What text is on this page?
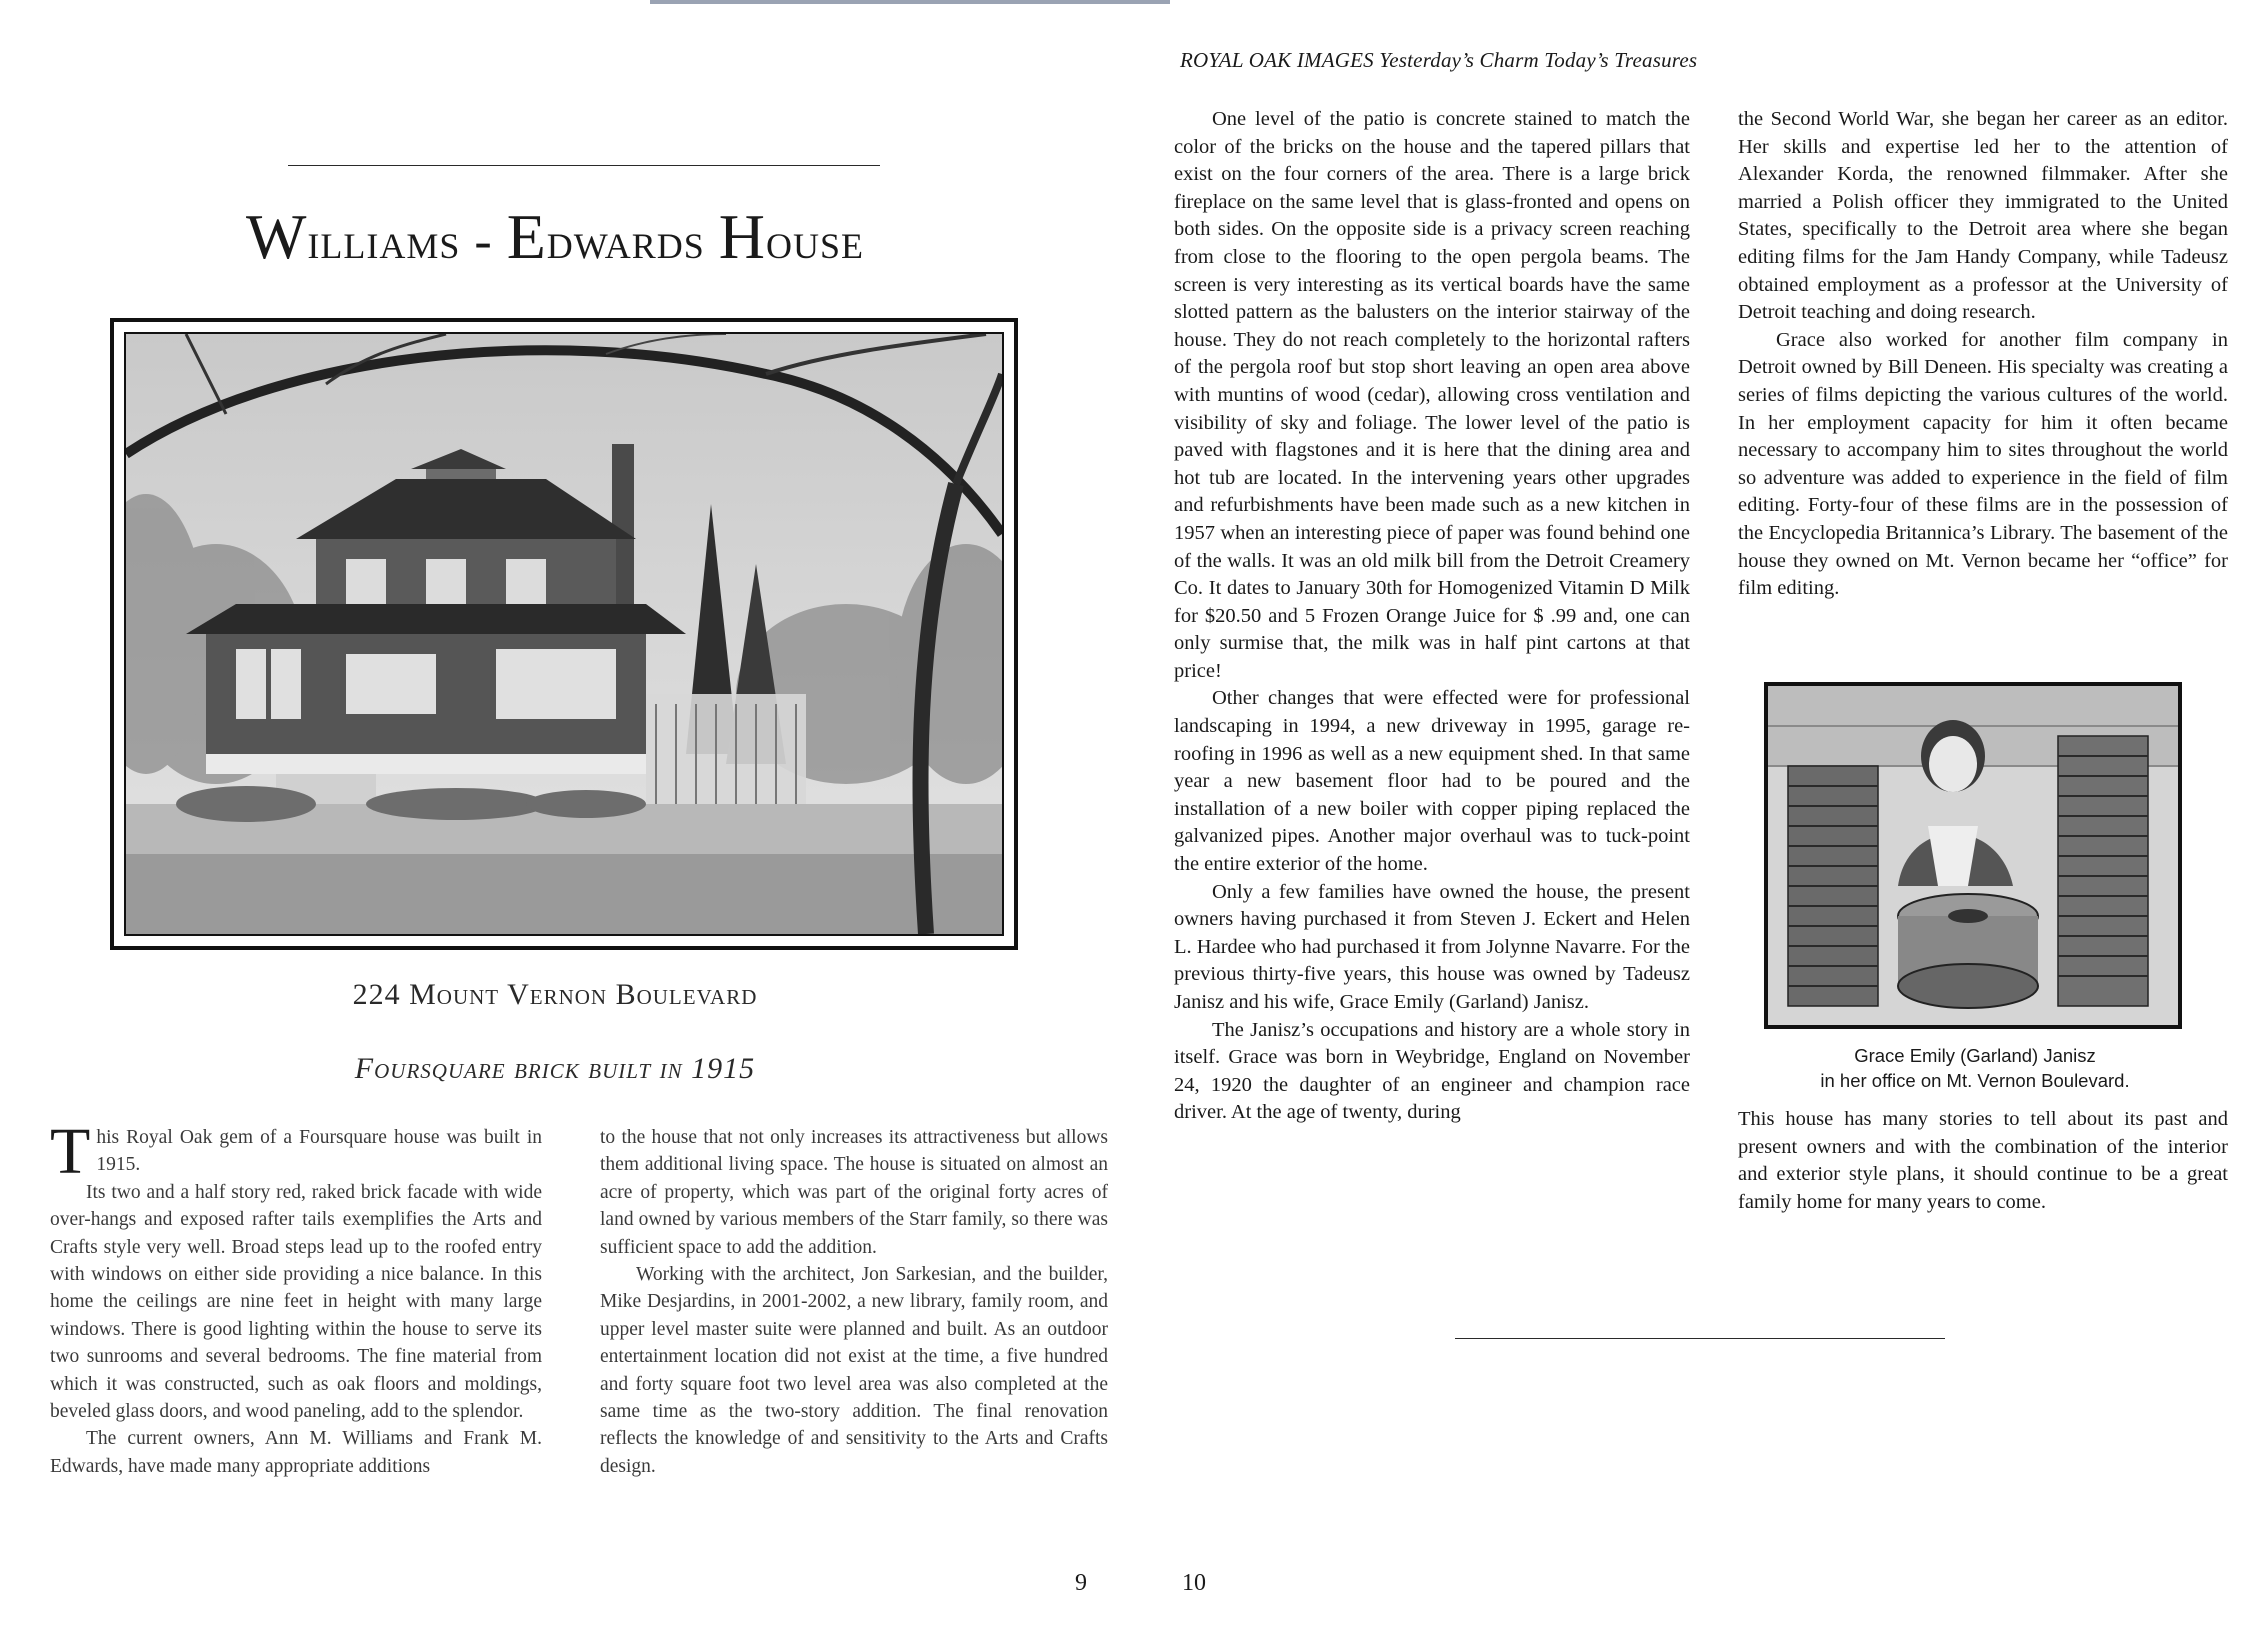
Williams - Edwards House
224 Mount Vernon Boulevard
Foursquare brick built in 1915

This Royal Oak gem of a Foursquare house was built in 1915.

Its two and a half story red, raked brick facade with wide over-hangs and exposed rafter tails exemplifies the Arts and Crafts style very well. Broad steps lead up to the roofed entry with windows on either side providing a nice balance. In this home the ceilings are nine feet in height with many large windows. There is good lighting within the house to serve its two sunrooms and several bedrooms. The fine material from which it was constructed, such as oak floors and moldings, beveled glass doors, and wood paneling, add to the splendor.

The current owners, Ann M. Williams and Frank M. Edwards, have made many appropriate additions

to the house that not only increases its attractiveness but allows them additional living space. The house is situated on almost an acre of property, which was part of the original forty acres of land owned by various members of the Starr family, so there was sufficient space to add the addition.

Working with the architect, Jon Sarkesian, and the builder, Mike Desjardins, in 2001-2002, a new library, family room, and upper level master suite were planned and built. As an outdoor entertainment location did not exist at the time, a five hundred and forty square foot two level area was also completed at the same time as the two-story addition. The final renovation reflects the knowledge of and sensitivity to the Arts and Crafts design.

9
ROYAL OAK IMAGES Yesterday’s Charm Today’s Treasures

One level of the patio is concrete stained to match the color of the bricks on the house and the tapered pillars that exist on the four corners of the area. There is a large brick fireplace on the same level that is glass-fronted and opens on both sides. On the opposite side is a privacy screen reaching from close to the flooring to the open pergola beams. The screen is very interesting as its vertical boards have the same slotted pattern as the balusters on the interior stairway of the house. They do not reach completely to the horizontal rafters of the pergola roof but stop short leaving an open area above with muntins of wood (cedar), allowing cross ventilation and visibility of sky and foliage. The lower level of the patio is paved with flagstones and it is here that the dining area and hot tub are located. In the intervening years other upgrades and refurbishments have been made such as a new kitchen in 1957 when an interesting piece of paper was found behind one of the walls. It was an old milk bill from the Detroit Creamery Co. It dates to January 30th for Homogenized Vitamin D Milk for $20.50 and 5 Frozen Orange Juice for $ .99 and, one can only surmise that, the milk was in half pint cartons at that price!

Other changes that were effected were for professional landscaping in 1994, a new driveway in 1995, garage re-roofing in 1996 as well as a new equipment shed. In that same year a new basement floor had to be poured and the installation of a new boiler with copper piping replaced the galvanized pipes. Another major overhaul was to tuck-point the entire exterior of the home.

Only a few families have owned the house, the present owners having purchased it from Steven J. Eckert and Helen L. Hardee who had purchased it from Jolynne Navarre. For the previous thirty-five years, this house was owned by Tadeusz Janisz and his wife, Grace Emily (Garland) Janisz.

The Janisz’s occupations and history are a whole story in itself. Grace was born in Weybridge, England on November 24, 1920 the daughter of an engineer and champion race driver. At the age of twenty, during

the Second World War, she began her career as an editor. Her skills and expertise led her to the attention of Alexander Korda, the renowned filmmaker. After she married a Polish officer they immigrated to the United States, specifically to the Detroit area where she began editing films for the Jam Handy Company, while Tadeusz obtained employment as a professor at the University of Detroit teaching and doing research.

Grace also worked for another film company in Detroit owned by Bill Deneen. His specialty was creating a series of films depicting the various cultures of the world. In her employment capacity for him it often became necessary to accompany him to sites throughout the world so adventure was added to experience in the field of film editing. Forty-four of these films are in the possession of the Encyclopedia Britannica’s Library. The basement of the house they owned on Mt. Vernon became her “office” for film editing.

Grace Emily (Garland) Janisz
in her office on Mt. Vernon Boulevard.

This house has many stories to tell about its past and present owners and with the combination of the interior and exterior style plans, it should continue to be a great family home for many years to come.

10
